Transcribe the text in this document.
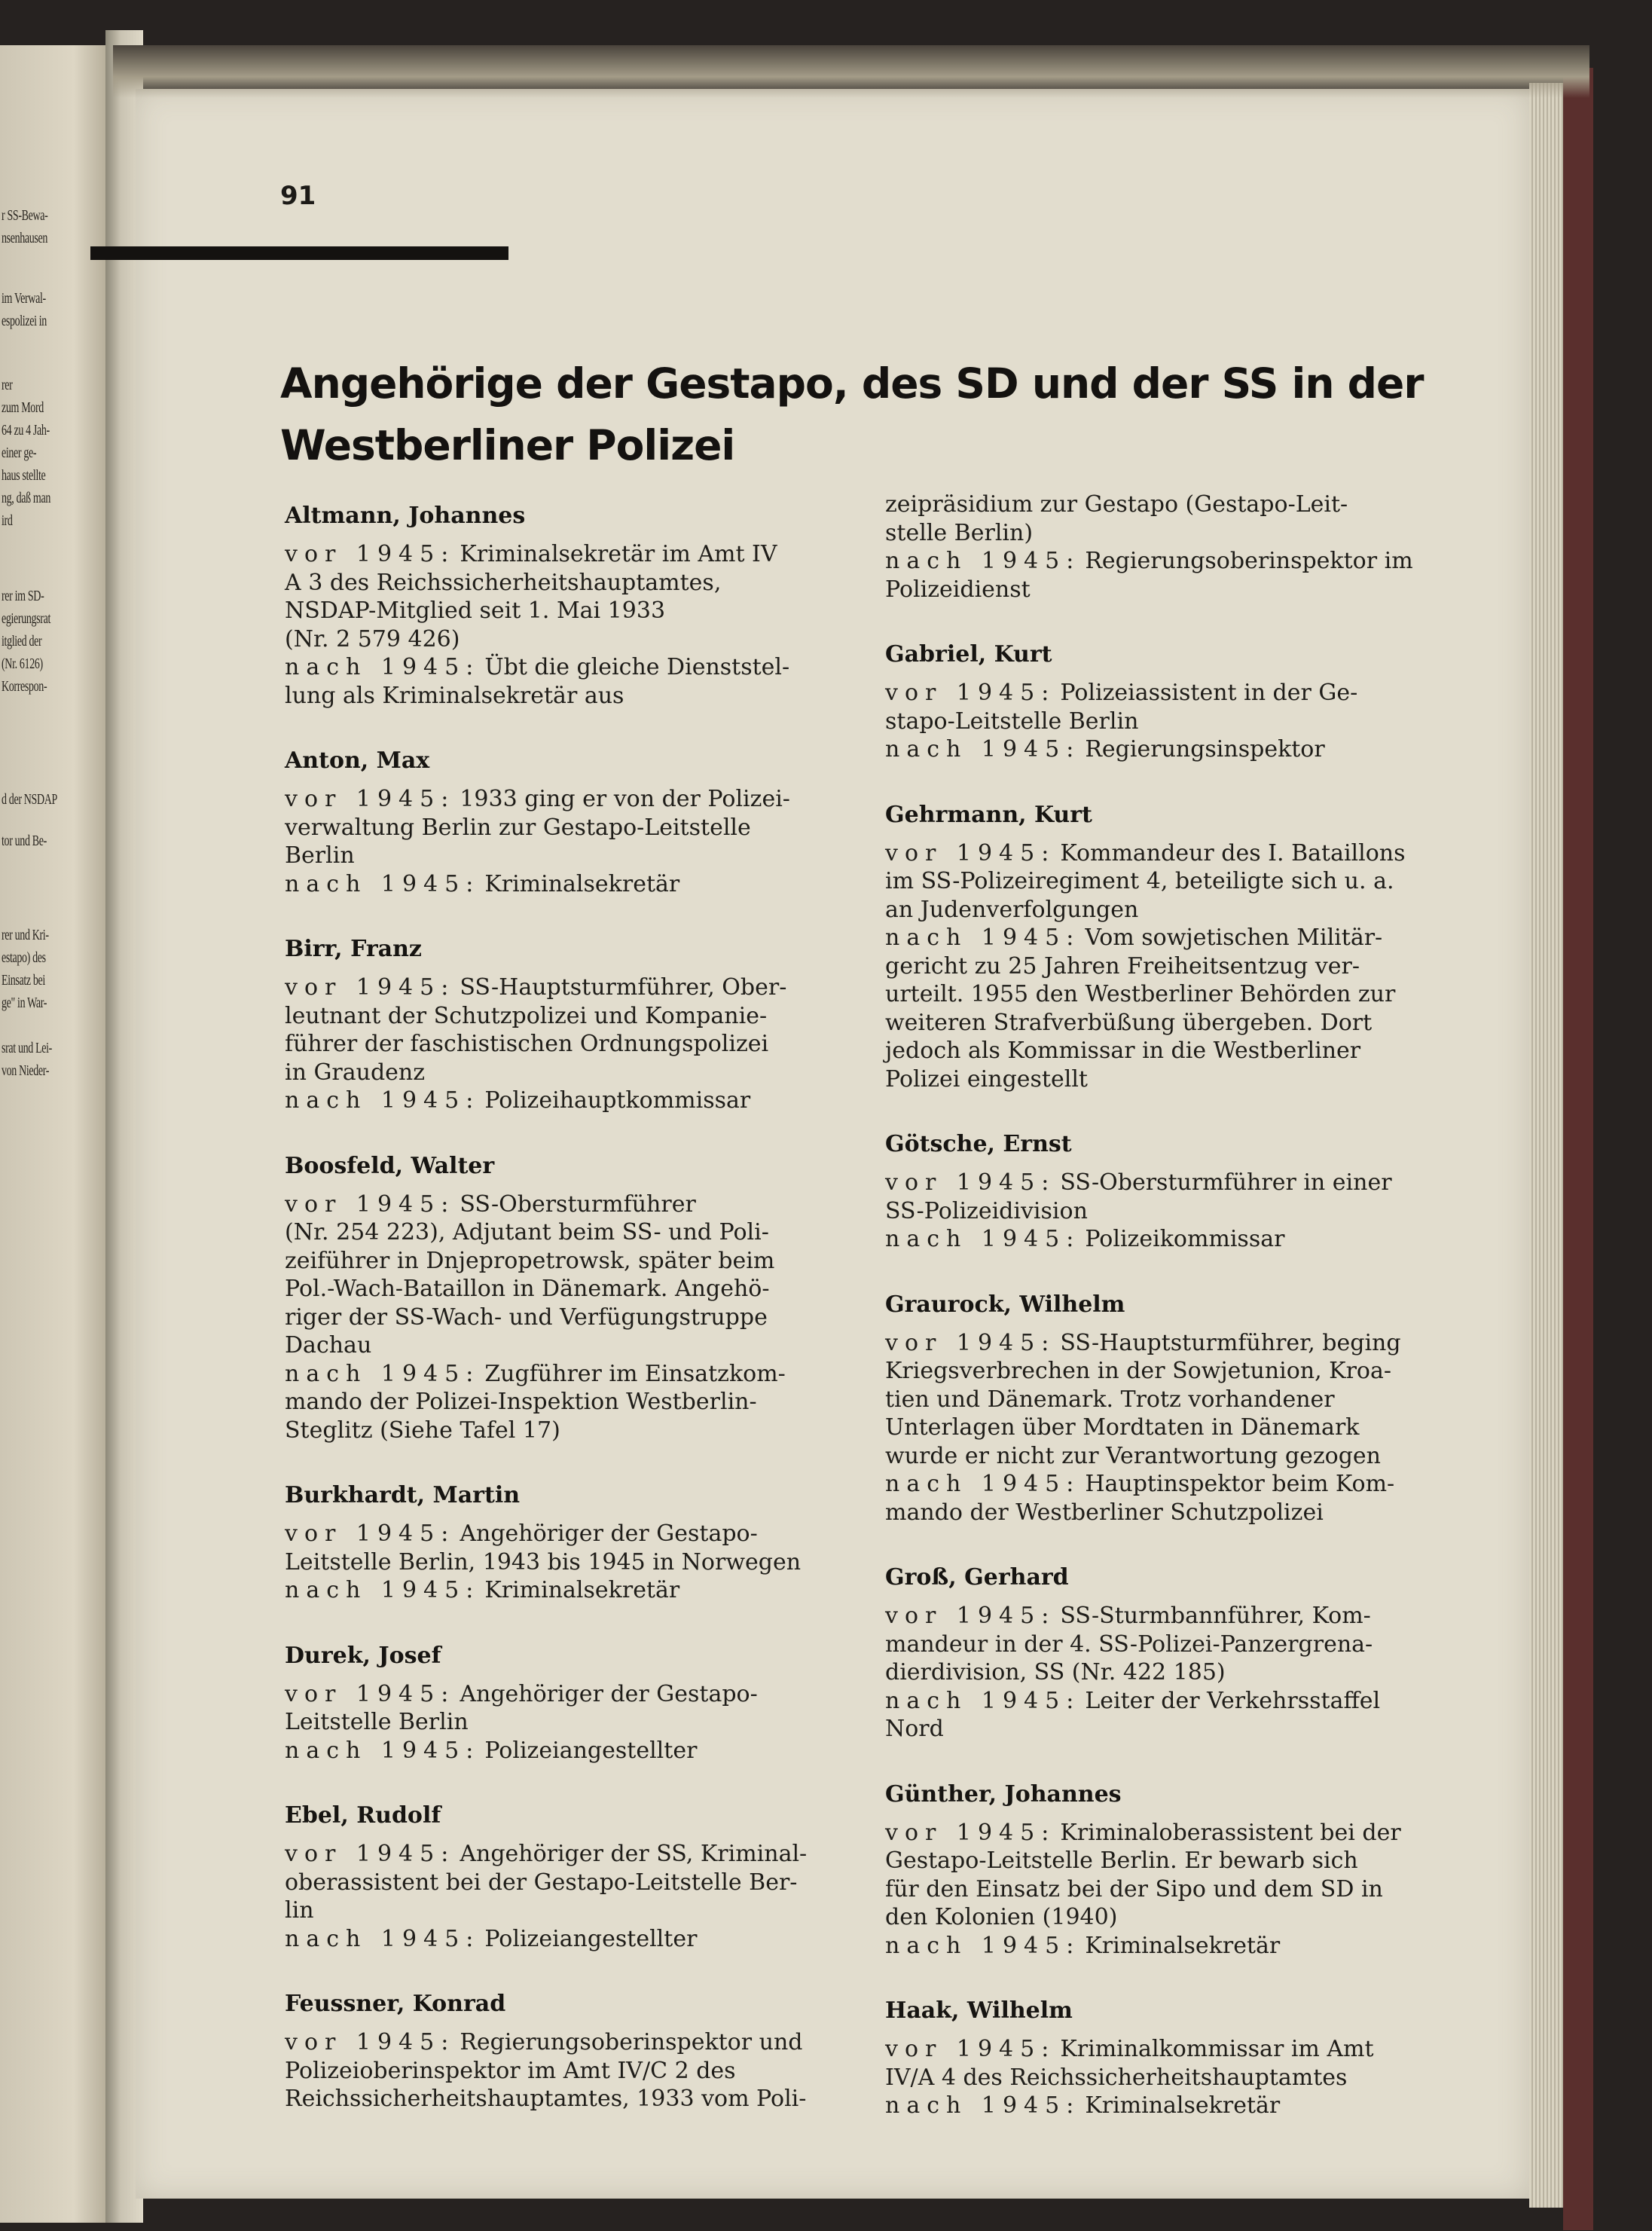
r SS-Bewa-
nsenhausen
im Verwal-
espolizei in
rer
zum Mord
64 zu 4 Jah-
einer ge-
haus stellte
ng, daß man
ird
rer im SD-
egierungsrat
itglied der
(Nr. 6126)
Korrespon-
d der NSDAP
tor und Be-
rer und Kri-
estapo) des
Einsatz bei
ge" in War-
srat und Lei-
von Nieder-
91
Angehörige der Gestapo, des SD und der SS in der Westberliner Polizei
Altmann, Johannes
vor 1945: Kriminalsekretär im Amt IV
A 3 des Reichssicherheitshauptamtes,
NSDAP-Mitglied seit 1. Mai 1933
(Nr. 2 579 426)
nach 1945: Übt die gleiche Dienststel-
lung als Kriminalsekretär aus
Anton, Max
vor 1945: 1933 ging er von der Polizei-
verwaltung Berlin zur Gestapo-Leitstelle
Berlin
nach 1945: Kriminalsekretär
Birr, Franz
vor 1945: SS-Hauptsturmführer, Ober-
leutnant der Schutzpolizei und Kompanie-
führer der faschistischen Ordnungspolizei
in Graudenz
nach 1945: Polizeihauptkommissar
Boosfeld, Walter
vor 1945: SS-Obersturmführer
(Nr. 254 223), Adjutant beim SS- und Poli-
zeiführer in Dnjepropetrowsk, später beim
Pol.-Wach-Bataillon in Dänemark. Angehö-
riger der SS-Wach- und Verfügungstruppe
Dachau
nach 1945: Zugführer im Einsatzkom-
mando der Polizei-Inspektion Westberlin-
Steglitz (Siehe Tafel 17)
Burkhardt, Martin
vor 1945: Angehöriger der Gestapo-
Leitstelle Berlin, 1943 bis 1945 in Norwegen
nach 1945: Kriminalsekretär
Durek, Josef
vor 1945: Angehöriger der Gestapo-
Leitstelle Berlin
nach 1945: Polizeiangestellter
Ebel, Rudolf
vor 1945: Angehöriger der SS, Kriminal-
oberassistent bei der Gestapo-Leitstelle Ber-
lin
nach 1945: Polizeiangestellter
Feussner, Konrad
vor 1945: Regierungsoberinspektor und
Polizeioberinspektor im Amt IV/C 2 des
Reichssicherheitshauptamtes, 1933 vom Poli-
zeipräsidium zur Gestapo (Gestapo-Leit-
stelle Berlin)
nach 1945: Regierungsoberinspektor im
Polizeidienst
Gabriel, Kurt
vor 1945: Polizeiassistent in der Ge-
stapo-Leitstelle Berlin
nach 1945: Regierungsinspektor
Gehrmann, Kurt
vor 1945: Kommandeur des I. Bataillons
im SS-Polizeiregiment 4, beteiligte sich u. a.
an Judenverfolgungen
nach 1945: Vom sowjetischen Militär-
gericht zu 25 Jahren Freiheitsentzug ver-
urteilt. 1955 den Westberliner Behörden zur
weiteren Strafverbüßung übergeben. Dort
jedoch als Kommissar in die Westberliner
Polizei eingestellt
Götsche, Ernst
vor 1945: SS-Obersturmführer in einer
SS-Polizeidivision
nach 1945: Polizeikommissar
Graurock, Wilhelm
vor 1945: SS-Hauptsturmführer, beging
Kriegsverbrechen in der Sowjetunion, Kroa-
tien und Dänemark. Trotz vorhandener
Unterlagen über Mordtaten in Dänemark
wurde er nicht zur Verantwortung gezogen
nach 1945: Hauptinspektor beim Kom-
mando der Westberliner Schutzpolizei
Groß, Gerhard
vor 1945: SS-Sturmbannführer, Kom-
mandeur in der 4. SS-Polizei-Panzergrena-
dierdivision, SS (Nr. 422 185)
nach 1945: Leiter der Verkehrsstaffel
Nord
Günther, Johannes
vor 1945: Kriminaloberassistent bei der
Gestapo-Leitstelle Berlin. Er bewarb sich
für den Einsatz bei der Sipo und dem SD in
den Kolonien (1940)
nach 1945: Kriminalsekretär
Haak, Wilhelm
vor 1945: Kriminalkommissar im Amt
IV/A 4 des Reichssicherheitshauptamtes
nach 1945: Kriminalsekretär
